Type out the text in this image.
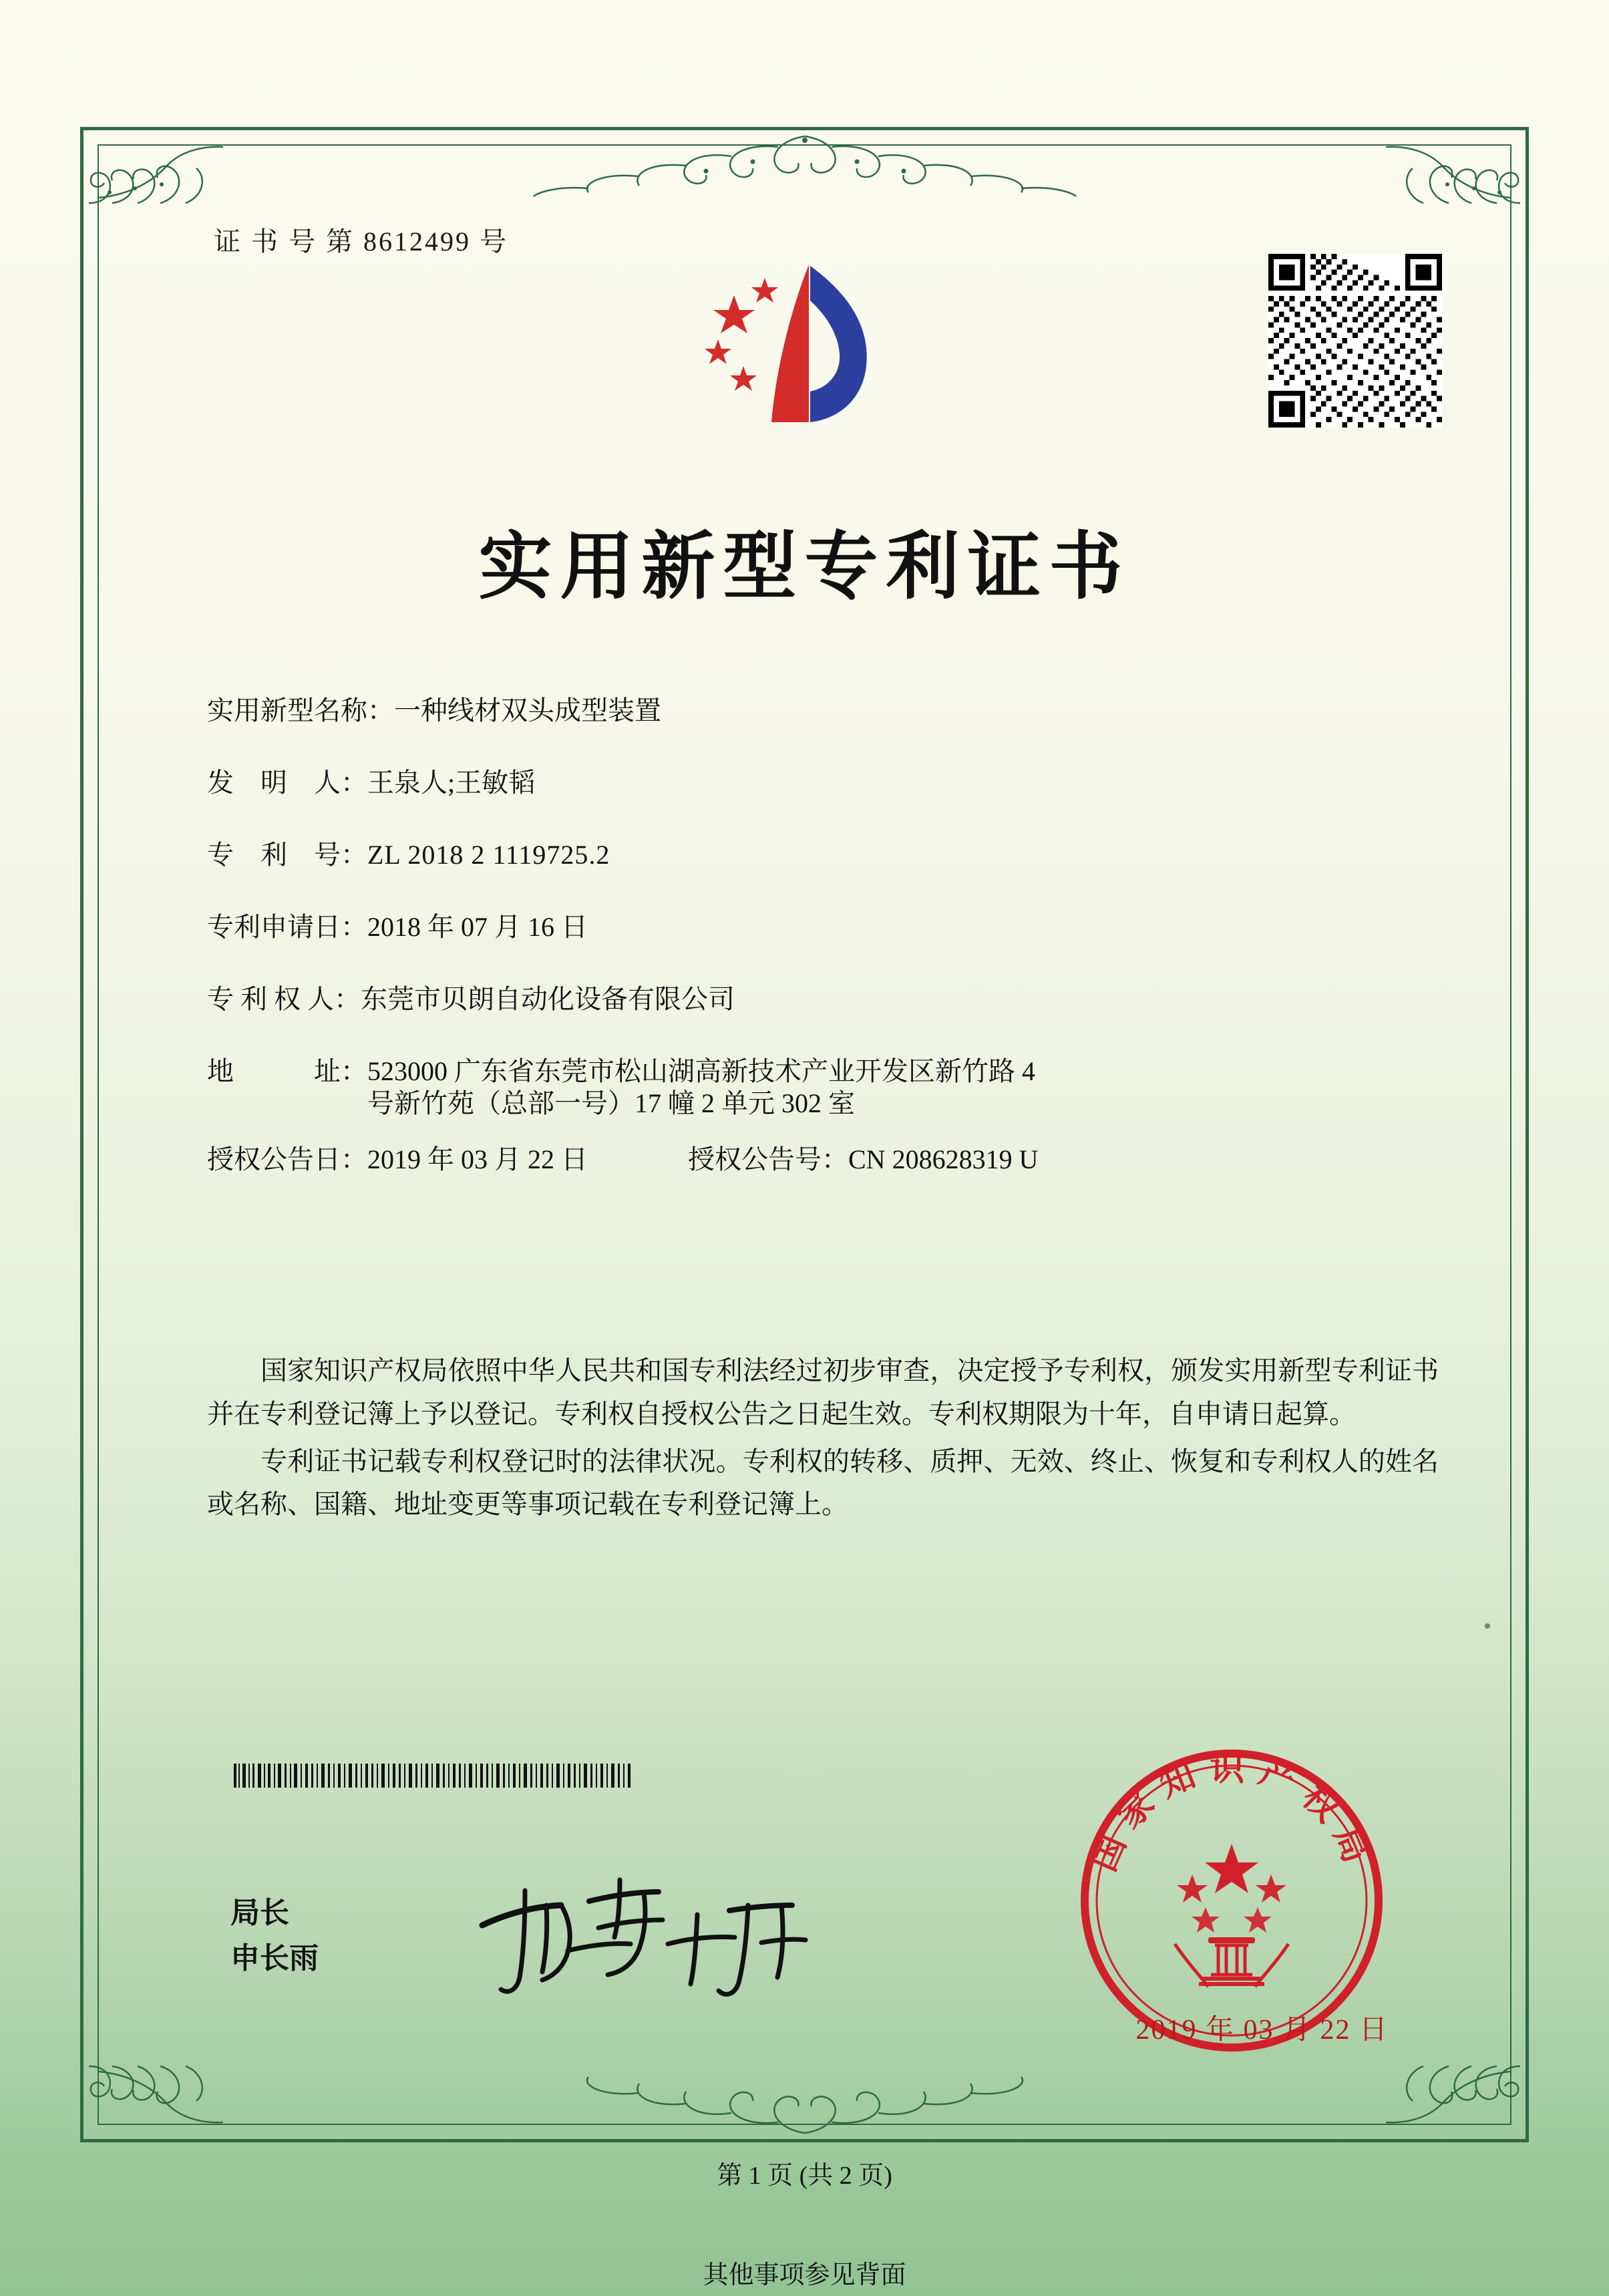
证 书 号 第 8612499 号
实用新型专利证书
实用新型名称： 一种线材双头成型装置
发　明　人： 王泉人;王敏韬
专　利　号： ZL 2018 2 1119725.2
专利申请日： 2018 年 07 月 16 日
专 利 权 人： 东莞市贝朗自动化设备有限公司
地　　　址： 523000 广东省东莞市松山湖高新技术产业开发区新竹路 4
号新竹苑（总部一号）17 幢 2 单元 302 室
授权公告日：2019 年 03 月 22 日	授权公告号：CN 208628319 U

国家知识产权局依照中华人民共和国专利法经过初步审查，决定授予专利权，颁发实用新型专利证书并在专利登记簿上予以登记。专利权自授权公告之日起生效。专利权期限为十年，自申请日起算。

专利证书记载专利权登记时的法律状况。专利权的转移、质押、无效、终止、恢复和专利权人的姓名或名称、国籍、地址变更等事项记载在专利登记簿上。

局长
申长雨
国家知识产权局
2019 年 03 月 22 日
第 1 页 (共 2 页)
其他事项参见背面
